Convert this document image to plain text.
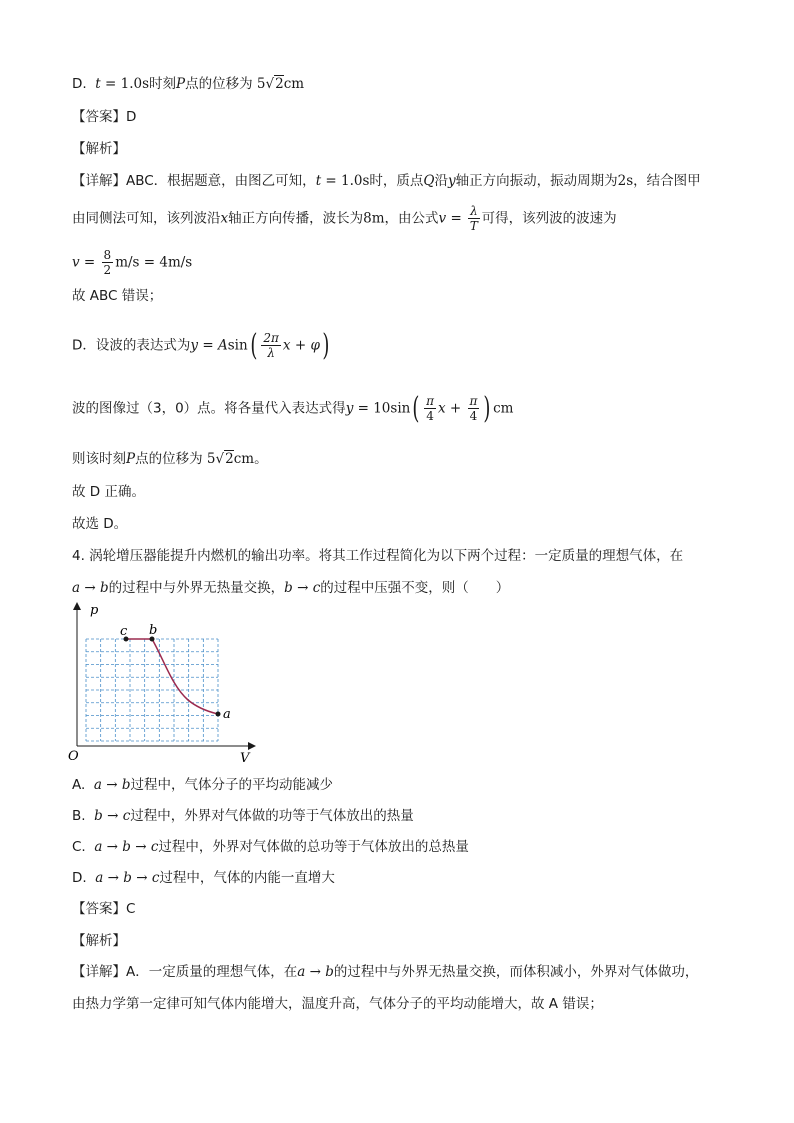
D. t = 1.0s时刻P点的位移为 5√2cm
【答案】D
【解析】
【详解】ABC．根据题意，由图乙可知，t = 1.0s时，质点Q沿y轴正方向振动，振动周期为2s，结合图甲
由同侧法可知，该列波沿x轴正方向传播，波长为8m，由公式$v = \frac{\lambda}{T}$ 可得，该列波的波速为
$v = \frac{8}{2} m/s = 4m/s$
故 ABC 错误；
D．设波的表达式为$y = Asin( \frac{2\pi}{\lambda}$ x + φ)
波的图像过（3，0）点。将各量代入表达式得$y = 10\sin( \frac{\pi}{4}$ $x + \frac{\pi}{4}$ ) cm
则该时刻P点的位移为 5√2cm。
故 D 正确。
故选 D。
4. 涡轮增压器能提升内燃机的输出功率。将其工作过程简化为以下两个过程：一定质量的理想气体，在
a → b的过程中与外界无热量交换，b → c的过程中压强不变，则（　　）
p
V
O
c b
a
A. a → b过程中，气体分子的平均动能减少
B. b → c过程中，外界对气体做的功等于气体放出的热量
C. a → b → c过程中，外界对气体做的总功等于气体放出的总热量
D. a → b → c过程中，气体的内能一直增大
【答案】C
【解析】
【详解】A．一定质量的理想气体，在a → b的过程中与外界无热量交换，而体积减小，外界对气体做功，
由热力学第一定律可知气体内能增大，温度升高，气体分子的平均动能增大，故 A 错误；
